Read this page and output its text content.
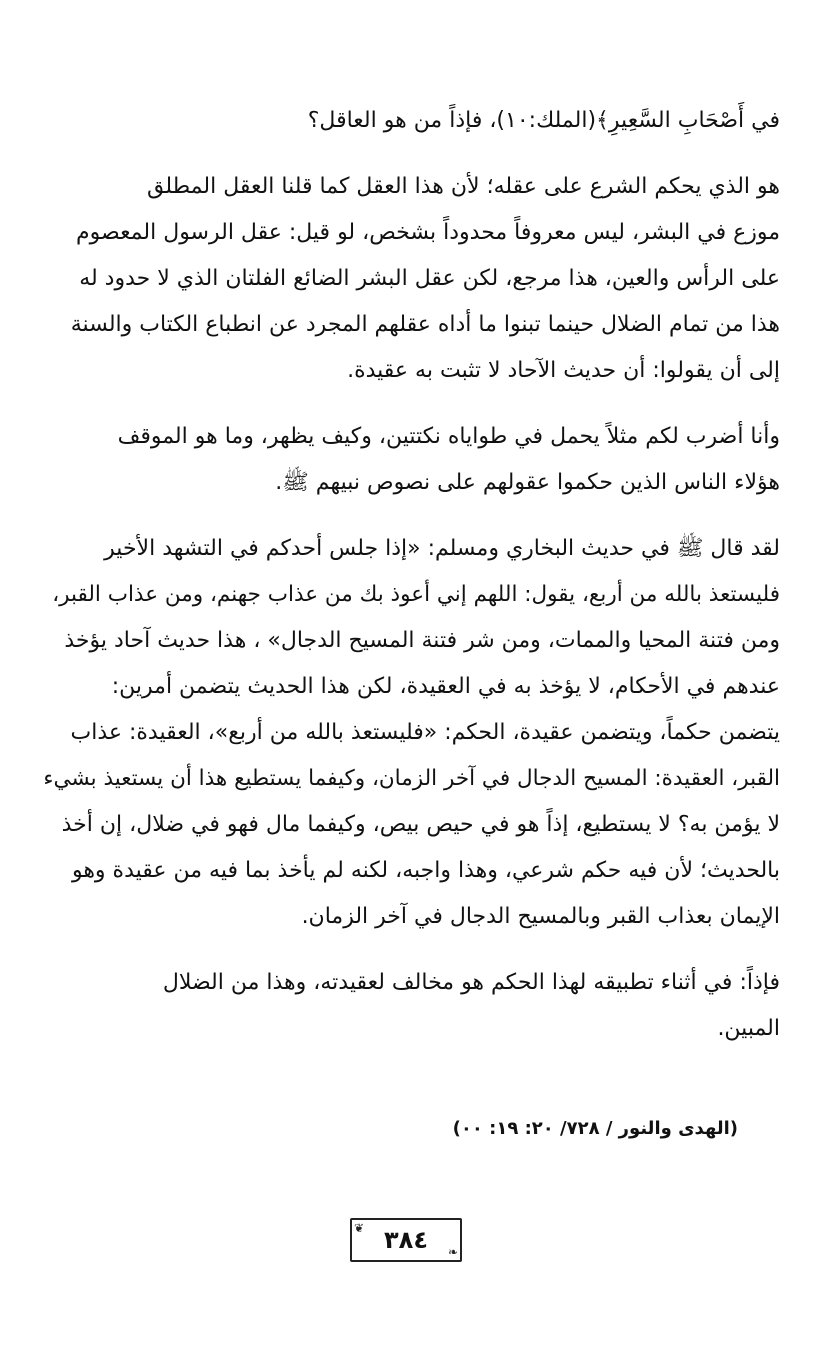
في أَصْحَابِ السَّعِيرِ﴾(الملك:١٠)، فإذاً من هو العاقل؟

هو الذي يحكم الشرع على عقله؛ لأن هذا العقل كما قلنا العقل المطلق
موزع في البشر، ليس معروفاً محدوداً بشخص، لو قيل: عقل الرسول المعصوم
على الرأس والعين، هذا مرجع، لكن عقل البشر الضائع الفلتان الذي لا حدود له
هذا من تمام الضلال حينما تبنوا ما أداه عقلهم المجرد عن انطباع الكتاب والسنة
إلى أن يقولوا: أن حديث الآحاد لا تثبت به عقيدة.

وأنا أضرب لكم مثلاً يحمل في طواياه نكتتين، وكيف يظهر، وما هو الموقف
هؤلاء الناس الذين حكموا عقولهم على نصوص نبيهم ﷺ.

لقد قال ﷺ في حديث البخاري ومسلم: «إذا جلس أحدكم في التشهد الأخير
فليستعذ بالله من أربع، يقول: اللهم إني أعوذ بك من عذاب جهنم، ومن عذاب القبر،
ومن فتنة المحيا والممات، ومن شر فتنة المسيح الدجال» ، هذا حديث آحاد يؤخذ
عندهم في الأحكام، لا يؤخذ به في العقيدة، لكن هذا الحديث يتضمن أمرين:
يتضمن حكماً، ويتضمن عقيدة، الحكم: «فليستعذ بالله من أربع»، العقيدة: عذاب
القبر، العقيدة: المسيح الدجال في آخر الزمان، وكيفما يستطيع هذا أن يستعيذ بشيء
لا يؤمن به؟ لا يستطيع، إذاً هو في حيص بيص، وكيفما مال فهو في ضلال، إن أخذ
بالحديث؛ لأن فيه حكم شرعي، وهذا واجبه، لكنه لم يأخذ بما فيه من عقيدة وهو
الإيمان بعذاب القبر وبالمسيح الدجال في آخر الزمان.

فإذاً: في أثناء تطبيقه لهذا الحكم هو مخالف لعقيدته، وهذا من الضلال
المبين.

(الهدى والنور / ٧٢٨/ ٢٠: ١٩: ٠٠)
❦ ٣٨٤ ❧
